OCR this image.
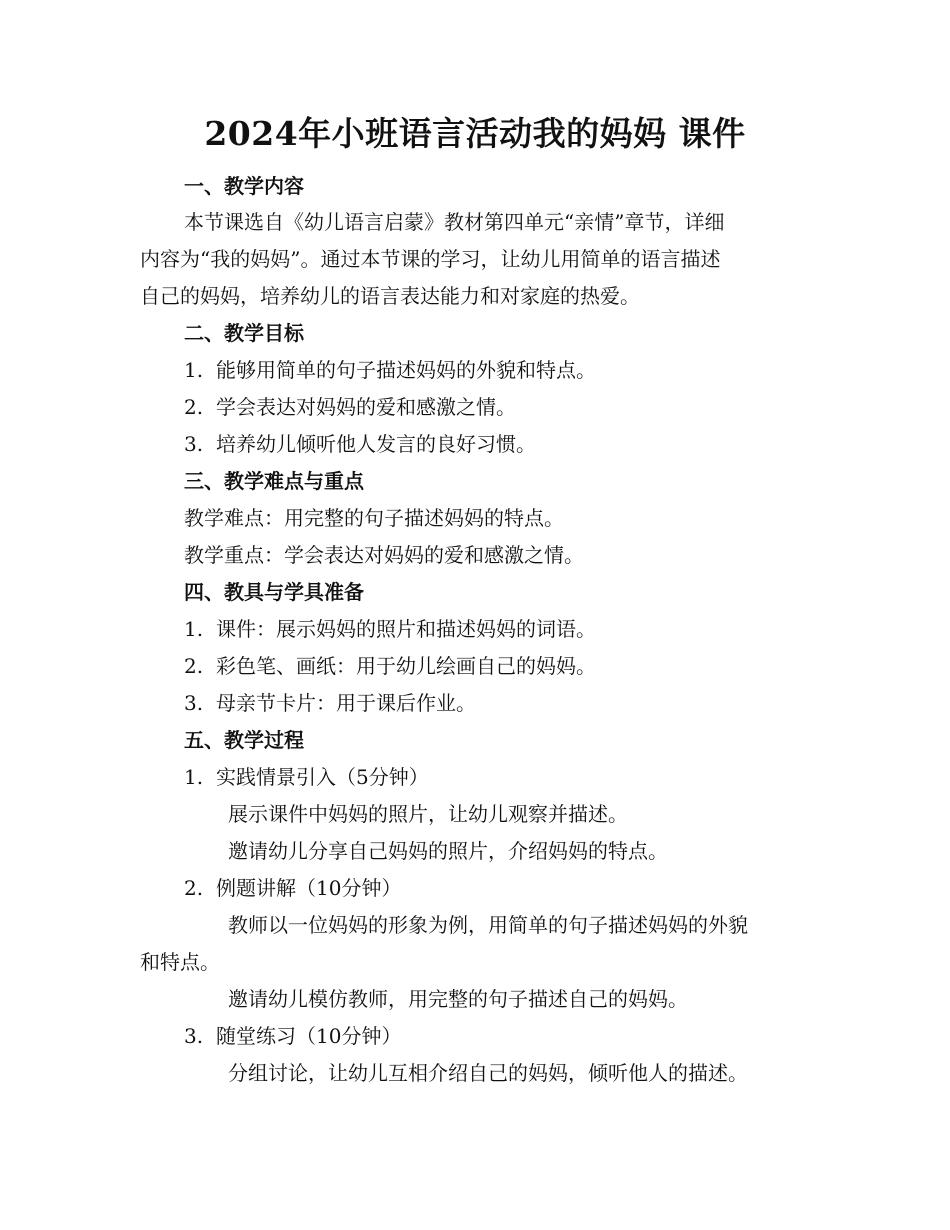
2024年小班语言活动我的妈妈 课件
一、教学内容
本节课选自《幼儿语言启蒙》教材第四单元“亲情”章节，详细
内容为“我的妈妈”。通过本节课的学习，让幼儿用简单的语言描述
自己的妈妈，培养幼儿的语言表达能力和对家庭的热爱。
二、教学目标
1. 能够用简单的句子描述妈妈的外貌和特点。
2. 学会表达对妈妈的爱和感激之情。
3. 培养幼儿倾听他人发言的良好习惯。
三、教学难点与重点
教学难点：用完整的句子描述妈妈的特点。
教学重点：学会表达对妈妈的爱和感激之情。
四、教具与学具准备
1. 课件：展示妈妈的照片和描述妈妈的词语。
2. 彩色笔、画纸：用于幼儿绘画自己的妈妈。
3. 母亲节卡片：用于课后作业。
五、教学过程
1. 实践情景引入（5分钟）
展示课件中妈妈的照片，让幼儿观察并描述。
邀请幼儿分享自己妈妈的照片，介绍妈妈的特点。
2. 例题讲解（10分钟）
教师以一位妈妈的形象为例，用简单的句子描述妈妈的外貌
和特点。
邀请幼儿模仿教师，用完整的句子描述自己的妈妈。
3. 随堂练习（10分钟）
分组讨论，让幼儿互相介绍自己的妈妈，倾听他人的描述。
